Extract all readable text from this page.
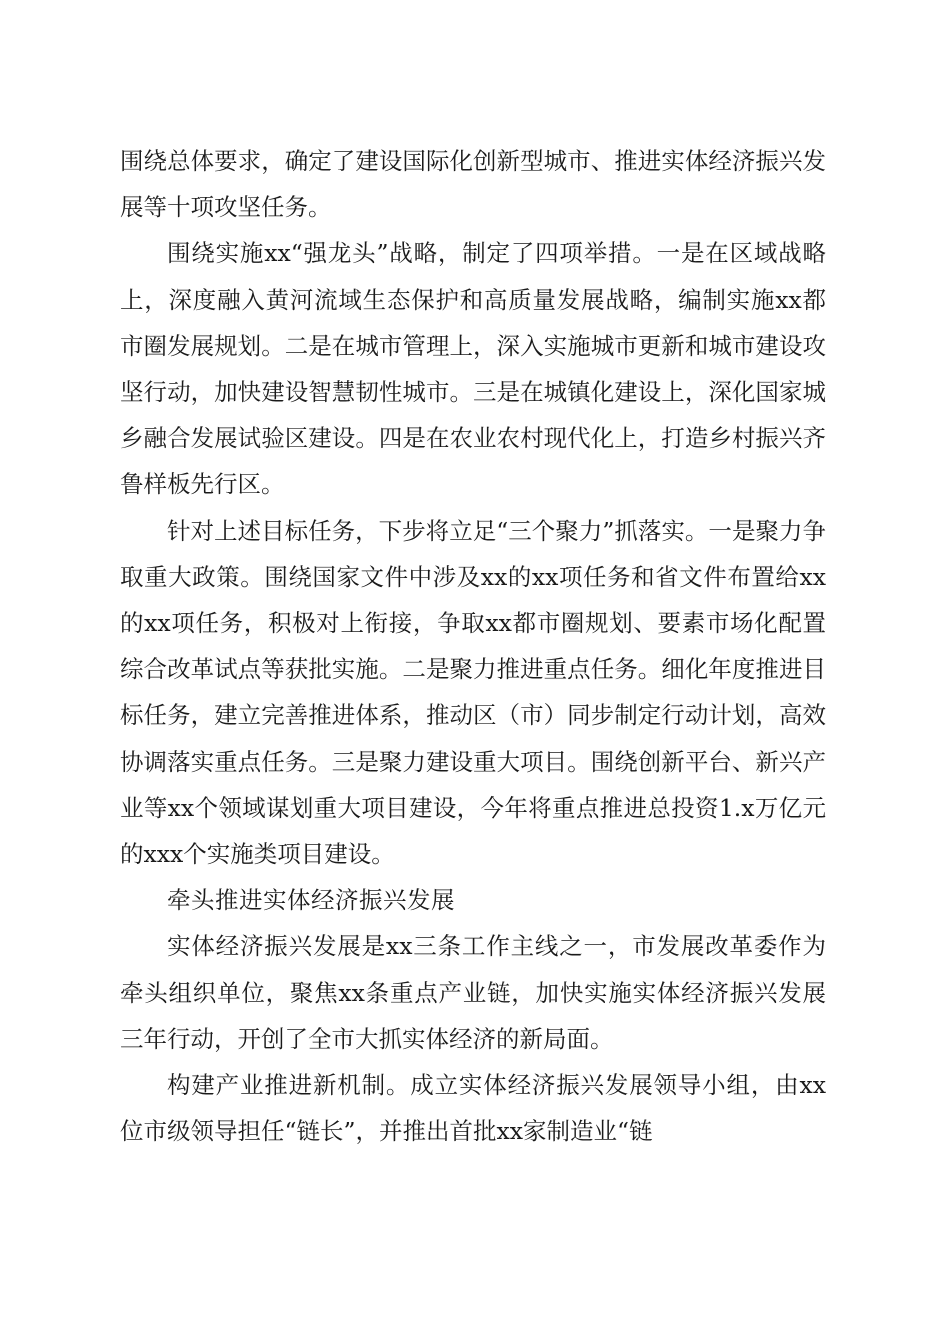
围绕总体要求，确定了建设国际化创新型城市、推进实体经济振兴发展等十项攻坚任务。

围绕实施xx“强龙头”战略，制定了四项举措。一是在区域战略上，深度融入黄河流域生态保护和高质量发展战略，编制实施xx都市圈发展规划。二是在城市管理上，深入实施城市更新和城市建设攻坚行动，加快建设智慧韧性城市。三是在城镇化建设上，深化国家城乡融合发展试验区建设。四是在农业农村现代化上，打造乡村振兴齐鲁样板先行区。

针对上述目标任务，下步将立足“三个聚力”抓落实。一是聚力争取重大政策。围绕国家文件中涉及xx的xx项任务和省文件布置给xx的xx项任务，积极对上衔接，争取xx都市圈规划、要素市场化配置综合改革试点等获批实施。二是聚力推进重点任务。细化年度推进目标任务，建立完善推进体系，推动区（市）同步制定行动计划，高效协调落实重点任务。三是聚力建设重大项目。围绕创新平台、新兴产业等xx个领域谋划重大项目建设，今年将重点推进总投资1.x万亿元的xxx个实施类项目建设。

牵头推进实体经济振兴发展

实体经济振兴发展是xx三条工作主线之一，市发展改革委作为牵头组织单位，聚焦xx条重点产业链，加快实施实体经济振兴发展三年行动，开创了全市大抓实体经济的新局面。

构建产业推进新机制。成立实体经济振兴发展领导小组，由xx位市级领导担任“链长”，并推出首批xx家制造业“链
